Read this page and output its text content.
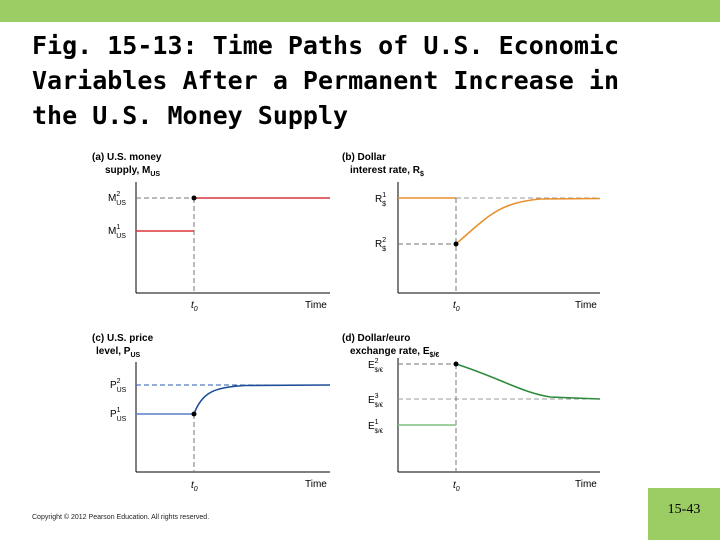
Fig. 15-13: Time Paths of U.S. Economic
Variables After a Permanent Increase in
the U.S. Money Supply
(a) U.S. money
supply, $M_{US}$
$M^2$ US
$M^1$ US
$t_0$	Time
(b) Dollar
interest rate, $R_{\$}$
$R^1$ $
$R^2$ $
$t_0$	Time
(c) U.S. price
level, $P_{US}$
$P^2$ US
$P^1$ US
$t_0$	Time
(d) Dollar/euro
exchange rate, $E_{\$/€}$
$E^2$ $/€
$E^3$ $/€
$E^1$ $/€
$t_0$	Time
Copyright © 2012 Pearson Education. All rights reserved.
15-43
